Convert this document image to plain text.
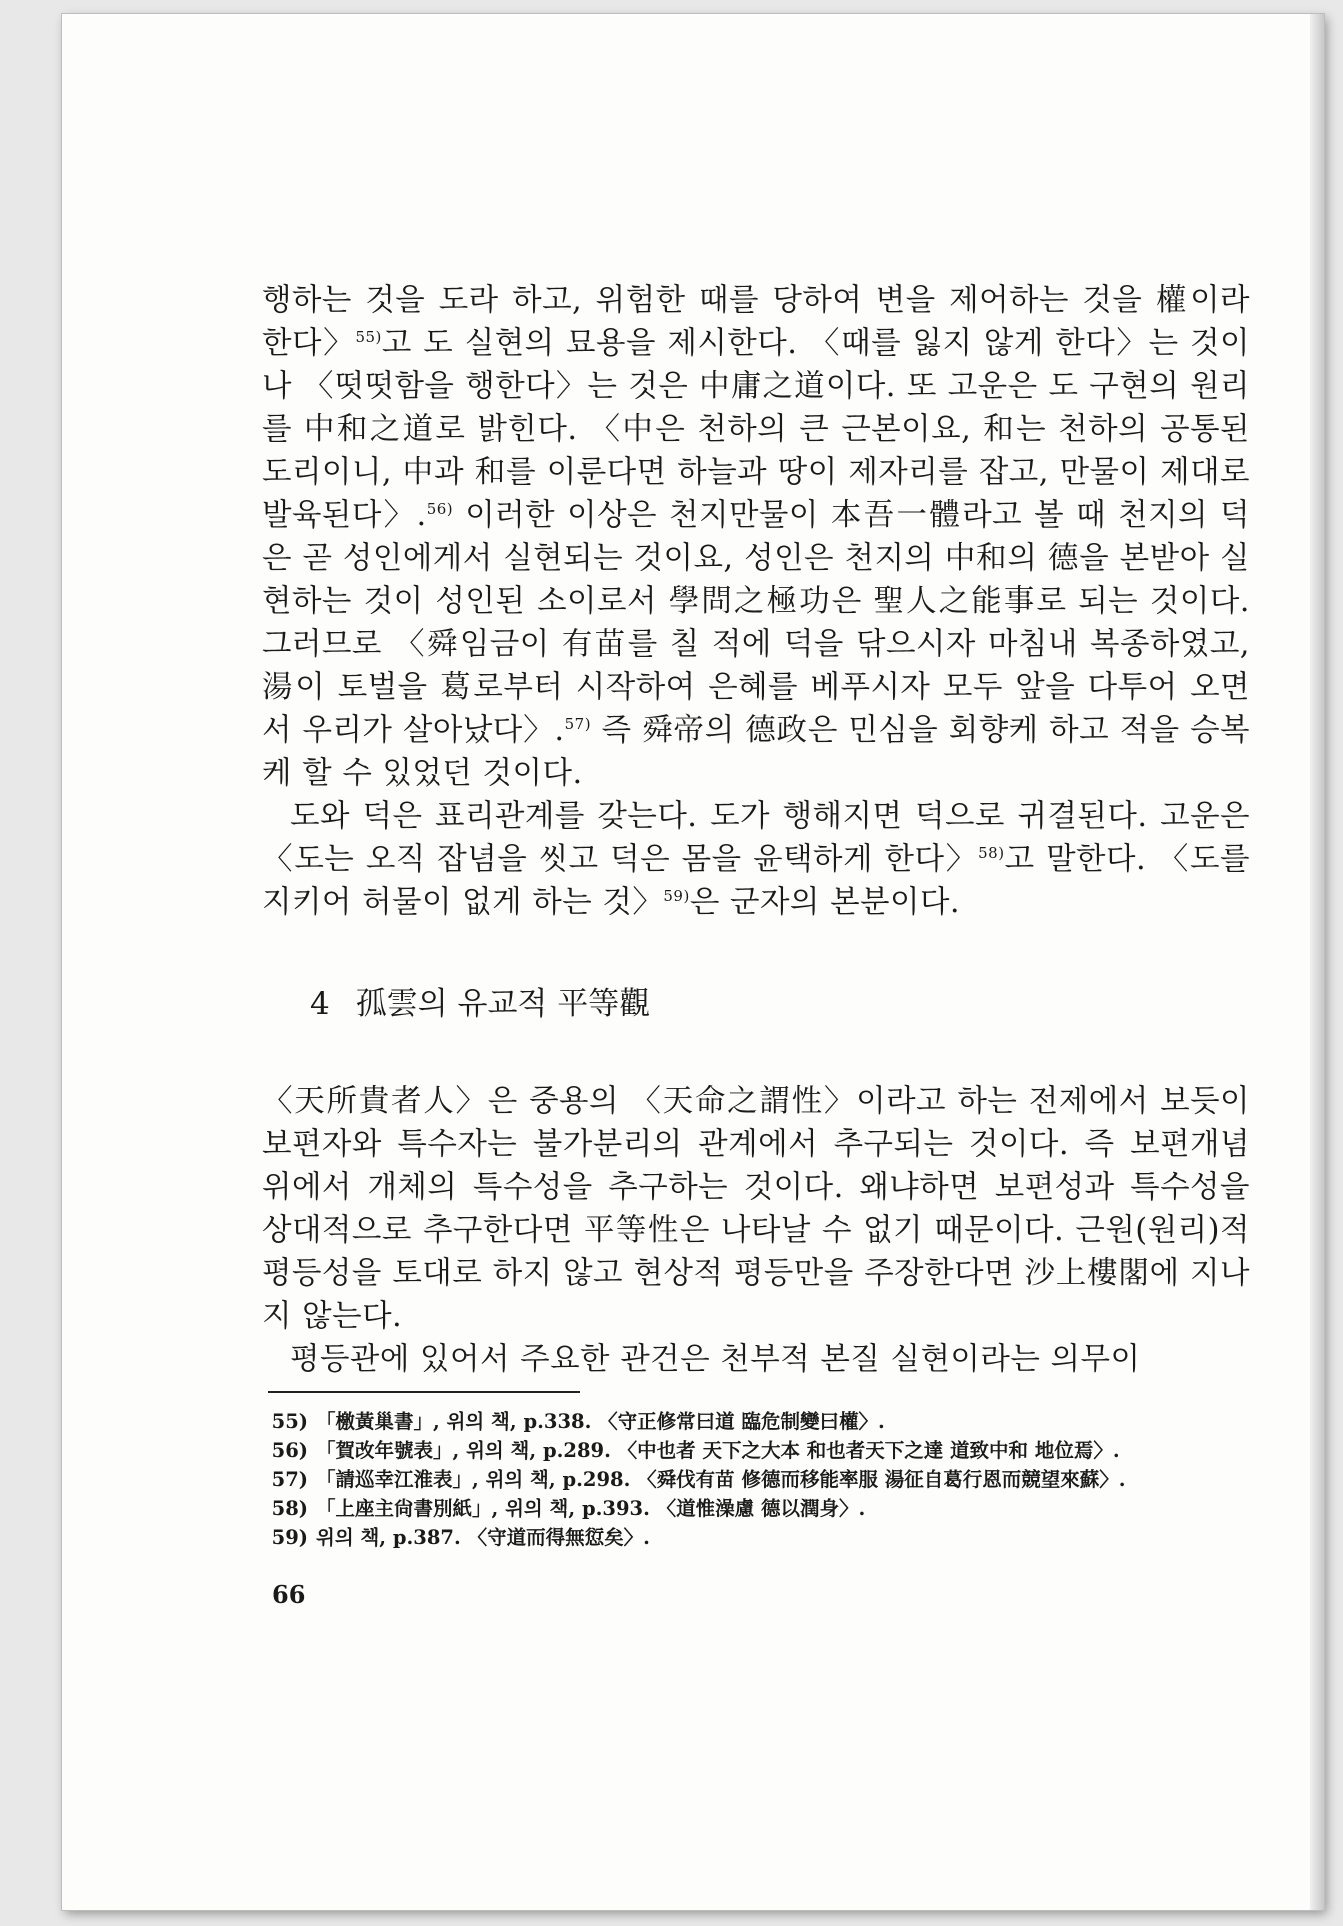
행하는 것을 도라 하고, 위험한 때를 당하여 변을 제어하는 것을 權이라 한다〉$^{55)}$고 도 실현의 묘용을 제시한다. 〈때를 잃지 않게 한다〉는 것이나 〈떳떳함을 행한다〉는 것은 中庸之道이다. 또 고운은 도 구현의 원리를 中和之道로 밝힌다. 〈中은 천하의 큰 근본이요, 和는 천하의 공통된 도리이니, 中과 和를 이룬다면 하늘과 땅이 제자리를 잡고, 만물이 제대로 발육된다〉.$^{56)}$ 이러한 이상은 천지만물이 本吾一體라고 볼 때 천지의 덕은 곧 성인에게서 실현되는 것이요, 성인은 천지의 中和의 德을 본받아 실현하는 것이 성인된 소이로서 學問之極功은 聖人之能事로 되는 것이다. 그러므로 〈舜임금이 有苗를 칠 적에 덕을 닦으시자 마침내 복종하였고, 湯이 토벌을 葛로부터 시작하여 은혜를 베푸시자 모두 앞을 다투어 오면서 우리가 살아났다〉.$^{57)}$ 즉 舜帝의 德政은 민심을 회향케 하고 적을 승복케 할 수 있었던 것이다.

도와 덕은 표리관계를 갖는다. 도가 행해지면 덕으로 귀결된다. 고운은 〈도는 오직 잡념을 씻고 덕은 몸을 윤택하게 한다〉$^{58)}$고 말한다. 〈도를 지키어 허물이 없게 하는 것〉$^{59)}$은 군자의 본분이다.

4 孤雲의 유교적 平等觀

〈天所貴者人〉은 중용의 〈天命之謂性〉이라고 하는 전제에서 보듯이 보편자와 특수자는 불가분리의 관계에서 추구되는 것이다. 즉 보편개념 위에서 개체의 특수성을 추구하는 것이다. 왜냐하면 보편성과 특수성을 상대적으로 추구한다면 平等性은 나타날 수 없기 때문이다. 근원(원리)적 평등성을 토대로 하지 않고 현상적 평등만을 주장한다면 沙上樓閣에 지나지 않는다.

평등관에 있어서 주요한 관건은 천부적 본질 실현이라는 의무이

55) 「檄黃巢書」, 위의 책, p.338. 〈守正修常曰道 臨危制變曰權〉.
56) 「賀改年號表」, 위의 책, p.289. 〈中也者 天下之大本 和也者天下之達 道致中和 地位焉〉.
57) 「請巡幸江淮表」, 위의 책, p.298. 〈舜伐有苗 修德而移能率服 湯征自葛行恩而競望來蘇〉.
58) 「上座主尙書別紙」, 위의 책, p.393. 〈道惟澡慮 德以潤身〉.
59) 위의 책, p.387. 〈守道而得無愆矣〉.
66
